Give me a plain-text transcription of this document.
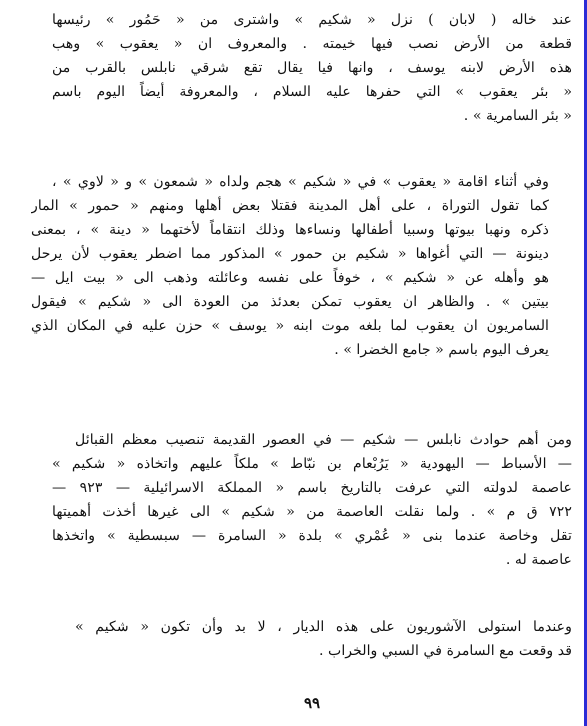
عند خاله ( لابان ) نزل « شكيم » واشترى من « حَمُور » رئيسها
قطعة من الأرض نصب فيها خيمته . والمعروف ان « يعقوب » وهب
هذه الأرض لابنه يوسف ، وانها فيا يقال تقع شرقي نابلس بالقرب من
« بئر يعقوب » التي حفرها عليه السلام ، والمعروفة أيضاً اليوم باسم
« بئر السامرية » .
وفي أثناء اقامة « يعقوب » في « شكيم » هجم ولداه « شمعون » و « لاوي » ،
كما تقول التوراة ، على أهل المدينة فقتلا بعض أهلها ومنهم « حمور » المار
ذكره ونهبا بيوتها وسبيا أطفالها ونساءها وذلك انتقاماً لأختهما « دينة » ، بمعنى
دينونة — التي أغواها « شكيم بن حمور » المذكور مما اضطر يعقوب لأن يرحل
هو وأهله عن « شكيم » ، خوفاً على نفسه وعائلته وذهب الى « بيت ايل —
بيتين » . والظاهر ان يعقوب تمكن بعدئذ من العودة الى « شكيم » فيقول
السامريون ان يعقوب لما بلغه موت ابنه « يوسف » حزن عليه في المكان الذي
يعرف اليوم باسم « جامع الخضرا » .
ومن أهم حوادث نابلس — شكيم — في العصور القديمة تنصيب معظم القبائل
— الأسباط — اليهودية « يَرُبْعام بن نبّاط » ملكاً عليهم واتخاذه « شكيم »
عاصمة لدولته التي عرفت بالتاريخ باسم « المملكة الاسرائيلية — ٩٢٣ —
٧٢٢ ق م » . ولما نقلت العاصمة من « شكيم » الى غيرها أخذت أهميتها
تقل وخاصة عندما بنى « عُمْري » بلدة « السامرة — سبسطية » واتخذها
عاصمة له .
وعندما استولى الآشوريون على هذه الديار ، لا بد وأن تكون « شكيم »
قد وقعت مع السامرة في السبي والخراب .
٩٩
